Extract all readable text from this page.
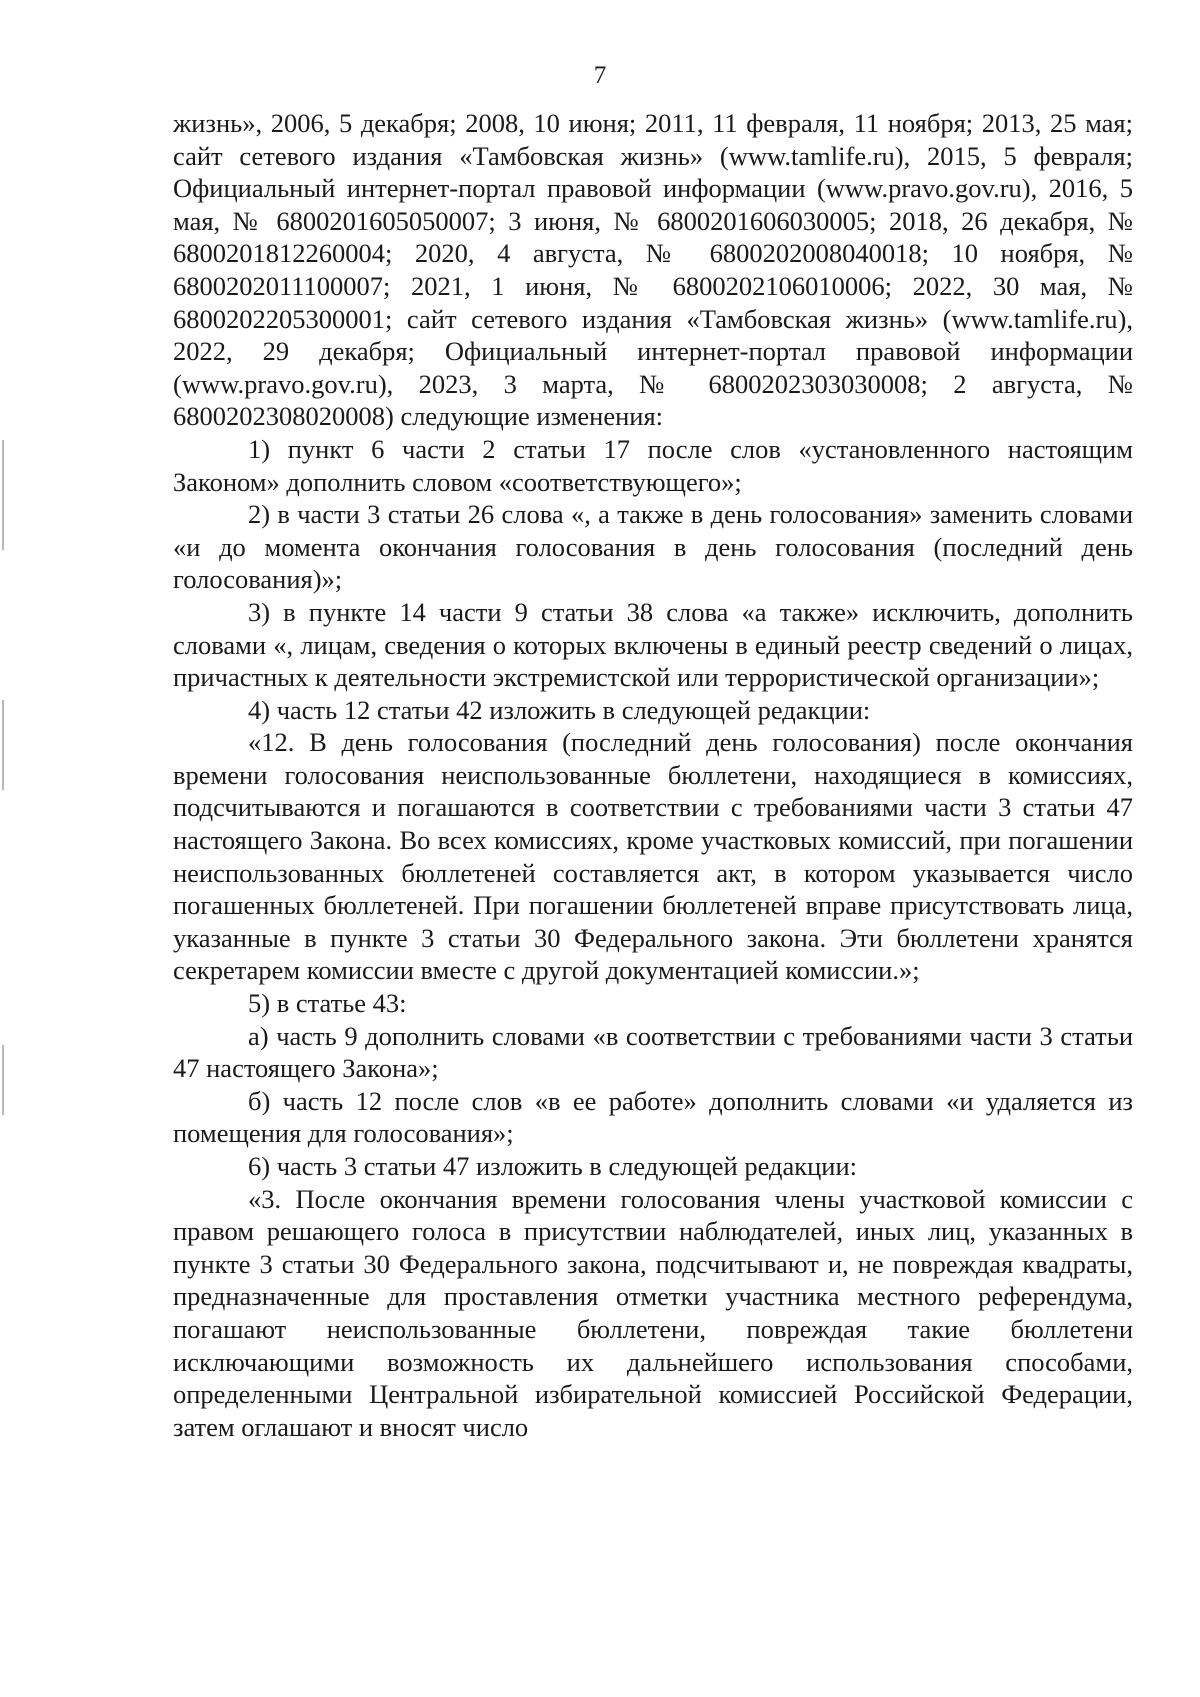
7

жизнь», 2006, 5 декабря; 2008, 10 июня; 2011, 11 февраля, 11 ноября; 2013, 25 мая; сайт сетевого издания «Тамбовская жизнь» (www.tamlife.ru), 2015, 5 февраля; Официальный интернет-портал правовой информации (www.pravo.gov.ru), 2016, 5 мая, № 6800201605050007; 3 июня, № 6800201606030005; 2018, 26 декабря, № 6800201812260004; 2020, 4 августа, № 6800202008040018; 10 ноября, № 6800202011100007; 2021, 1 июня, № 6800202106010006; 2022, 30 мая, № 6800202205300001; сайт сетевого издания «Тамбовская жизнь» (www.tamlife.ru), 2022, 29 декабря; Официальный интернет-портал правовой информации (www.pravo.gov.ru), 2023, 3 марта, № 6800202303030008; 2 августа, № 6800202308020008) следующие изменения:

1) пункт 6 части 2 статьи 17 после слов «установленного настоящим Законом» дополнить словом «соответствующего»;

2) в части 3 статьи 26 слова «, а также в день голосования» заменить словами «и до момента окончания голосования в день голосования (последний день голосования)»;

3) в пункте 14 части 9 статьи 38 слова «а также» исключить, дополнить словами «, лицам, сведения о которых включены в единый реестр сведений о лицах, причастных к деятельности экстремистской или террористической организации»;

4) часть 12 статьи 42 изложить в следующей редакции:

«12. В день голосования (последний день голосования) после окончания времени голосования неиспользованные бюллетени, находящиеся в комиссиях, подсчитываются и погашаются в соответствии с требованиями части 3 статьи 47 настоящего Закона. Во всех комиссиях, кроме участковых комиссий, при погашении неиспользованных бюллетеней составляется акт, в котором указывается число погашенных бюллетеней. При погашении бюллетеней вправе присутствовать лица, указанные в пункте 3 статьи 30 Федерального закона. Эти бюллетени хранятся секретарем комиссии вместе с другой документацией комиссии.»;

5) в статье 43:

а) часть 9 дополнить словами «в соответствии с требованиями части 3 статьи 47 настоящего Закона»;

б) часть 12 после слов «в ее работе» дополнить словами «и удаляется из помещения для голосования»;

6) часть 3 статьи 47 изложить в следующей редакции:

«3. После окончания времени голосования члены участковой комиссии с правом решающего голоса в присутствии наблюдателей, иных лиц, указанных в пункте 3 статьи 30 Федерального закона, подсчитывают и, не повреждая квадраты, предназначенные для проставления отметки участника местного референдума, погашают неиспользованные бюллетени, повреждая такие бюллетени исключающими возможность их дальнейшего использования способами, определенными Центральной избирательной комиссией Российской Федерации, затем оглашают и вносят число
